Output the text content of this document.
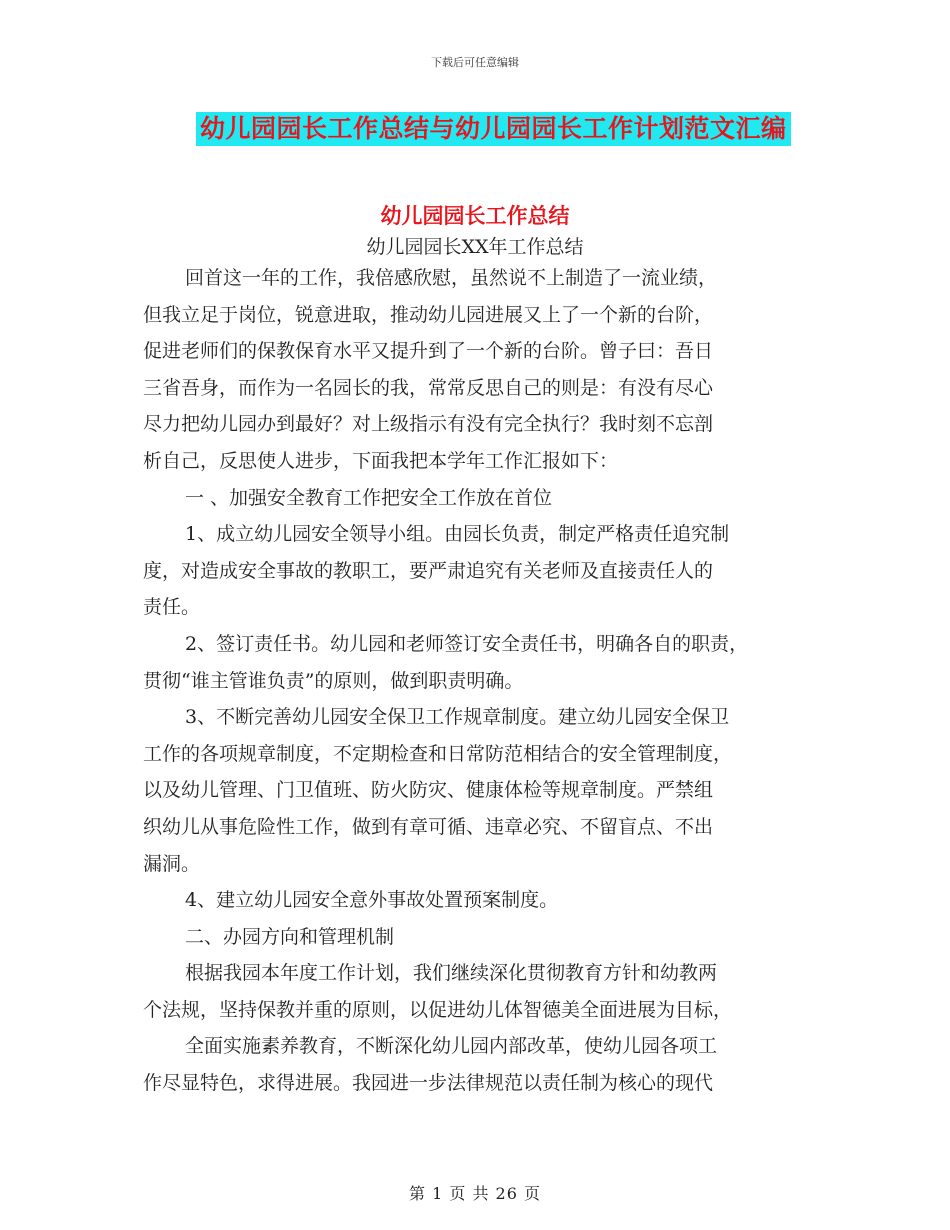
下载后可任意编辑
幼儿园园长工作总结与幼儿园园长工作计划范文汇编
幼儿园园长工作总结
幼儿园园长XX年工作总结
回首这一年的工作，我倍感欣慰，虽然说不上制造了一流业绩，
但我立足于岗位，锐意进取，推动幼儿园进展又上了一个新的台阶，
促进老师们的保教保育水平又提升到了一个新的台阶。曾子曰：吾日
三省吾身，而作为一名园长的我，常常反思自己的则是：有没有尽心
尽力把幼儿园办到最好？对上级指示有没有完全执行？我时刻不忘剖
析自己，反思使人进步，下面我把本学年工作汇报如下：
一 、加强安全教育工作把安全工作放在首位
1、成立幼儿园安全领导小组。由园长负责，制定严格责任追究制
度，对造成安全事故的教职工，要严肃追究有关老师及直接责任人的
责任。
2、签订责任书。幼儿园和老师签订安全责任书，明确各自的职责，
贯彻“谁主管谁负责”的原则，做到职责明确。
3、不断完善幼儿园安全保卫工作规章制度。建立幼儿园安全保卫
工作的各项规章制度，不定期检查和日常防范相结合的安全管理制度，
以及幼儿管理、门卫值班、防火防灾、健康体检等规章制度。严禁组
织幼儿从事危险性工作，做到有章可循、违章必究、不留盲点、不出
漏洞。
4、建立幼儿园安全意外事故处置预案制度。
二、办园方向和管理机制
根据我园本年度工作计划，我们继续深化贯彻教育方针和幼教两
个法规，坚持保教并重的原则，以促进幼儿体智德美全面进展为目标，
全面实施素养教育，不断深化幼儿园内部改革，使幼儿园各项工
作尽显特色，求得进展。我园进一步法律规范以责任制为核心的现代
第 1 页 共 26 页
